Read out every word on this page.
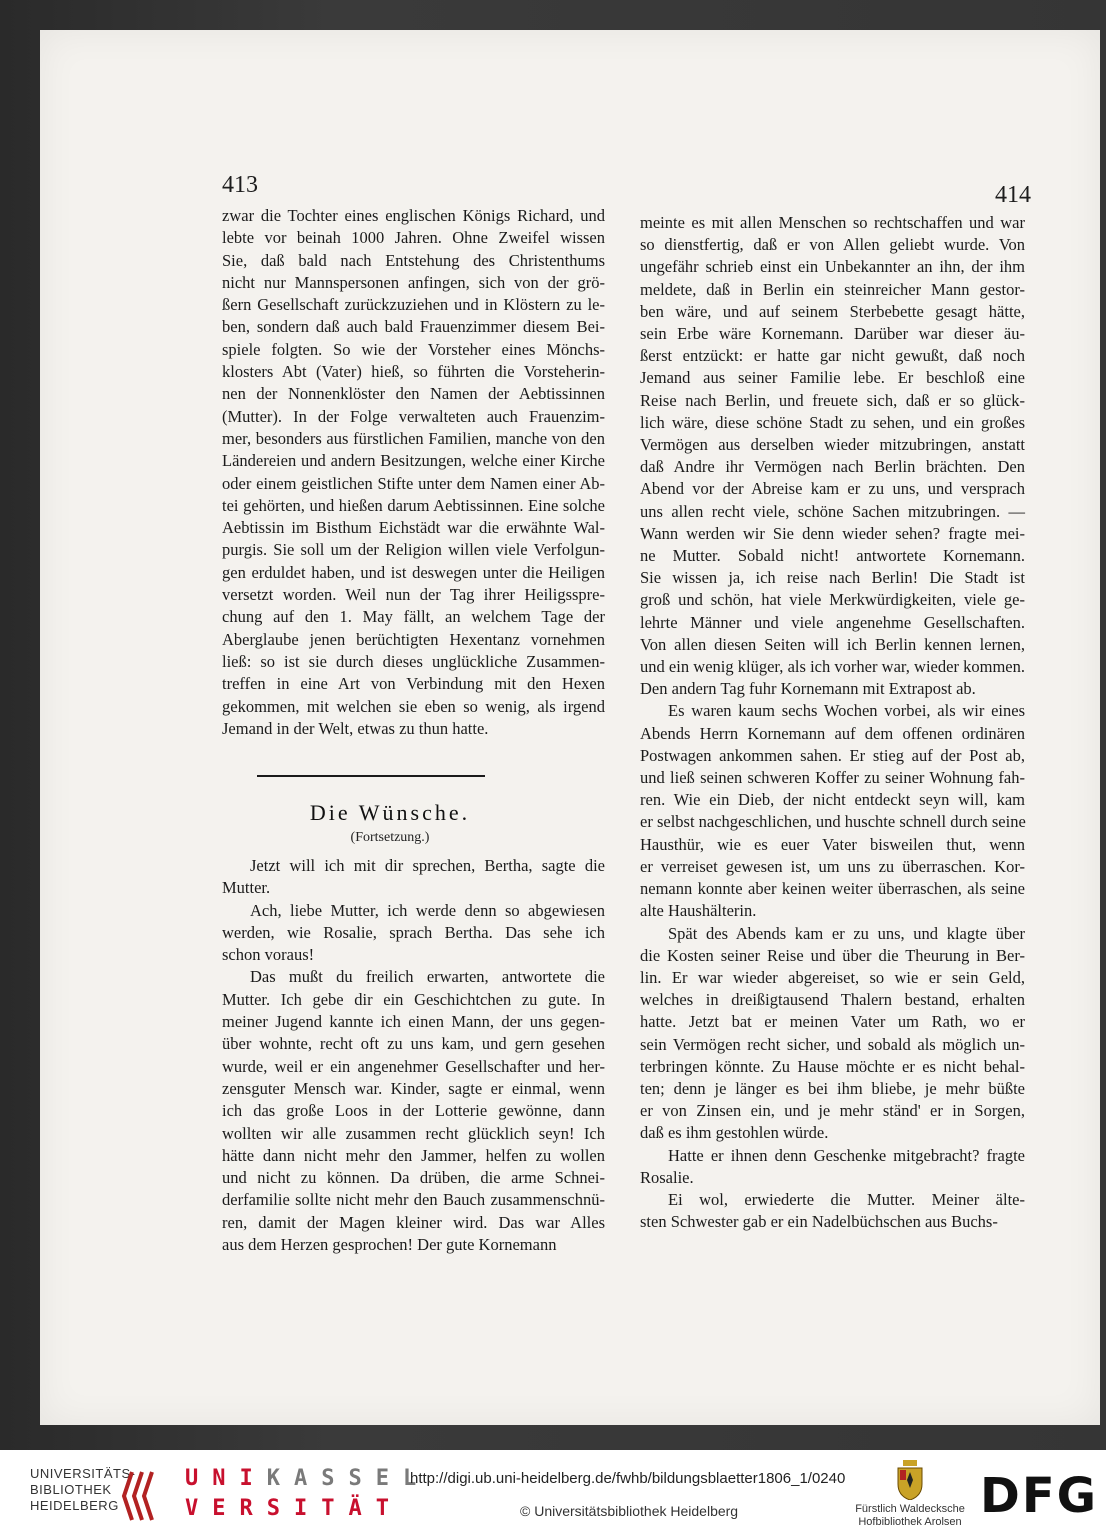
413
zwar die Tochter eines englischen Königs Richard, und
lebte vor beinah 1000 Jahren. Ohne Zweifel wissen
Sie, daß bald nach Entstehung des Christenthums
nicht nur Mannspersonen anfingen, sich von der grö-
ßern Gesellschaft zurückzuziehen und in Klöstern zu le-
ben, sondern daß auch bald Frauenzimmer diesem Bei-
spiele folgten. So wie der Vorsteher eines Mönchs-
klosters Abt (Vater) hieß, so führten die Vorsteherin-
nen der Nonnenklöster den Namen der Aebtissinnen
(Mutter). In der Folge verwalteten auch Frauenzim-
mer, besonders aus fürstlichen Familien, manche von den
Ländereien und andern Besitzungen, welche einer Kirche
oder einem geistlichen Stifte unter dem Namen einer Ab-
tei gehörten, und hießen darum Aebtissinnen. Eine solche
Aebtissin im Bisthum Eichstädt war die erwähnte Wal-
purgis. Sie soll um der Religion willen viele Verfolgun-
gen erduldet haben, und ist deswegen unter die Heiligen
versetzt worden. Weil nun der Tag ihrer Heiligsspre-
chung auf den 1. May fällt, an welchem Tage der
Aberglaube jenen berüchtigten Hexentanz vornehmen
ließ: so ist sie durch dieses unglückliche Zusammen-
treffen in eine Art von Verbindung mit den Hexen
gekommen, mit welchen sie eben so wenig, als irgend
Jemand in der Welt, etwas zu thun hatte.
Die Wünsche.
(Fortsetzung.)
Jetzt will ich mit dir sprechen, Bertha, sagte die
Mutter.
Ach, liebe Mutter, ich werde denn so abgewiesen
werden, wie Rosalie, sprach Bertha. Das sehe ich
schon voraus!
Das mußt du freilich erwarten, antwortete die
Mutter. Ich gebe dir ein Geschichtchen zu gute. In
meiner Jugend kannte ich einen Mann, der uns gegen-
über wohnte, recht oft zu uns kam, und gern gesehen
wurde, weil er ein angenehmer Gesellschafter und her-
zensguter Mensch war. Kinder, sagte er einmal, wenn
ich das große Loos in der Lotterie gewönne, dann
wollten wir alle zusammen recht glücklich seyn! Ich
hätte dann nicht mehr den Jammer, helfen zu wollen
und nicht zu können. Da drüben, die arme Schnei-
derfamilie sollte nicht mehr den Bauch zusammenschnü-
ren, damit der Magen kleiner wird. Das war Alles
aus dem Herzen gesprochen! Der gute Kornemann
414
meinte es mit allen Menschen so rechtschaffen und war
so dienstfertig, daß er von Allen geliebt wurde. Von
ungefähr schrieb einst ein Unbekannter an ihn, der ihm
meldete, daß in Berlin ein steinreicher Mann gestor-
ben wäre, und auf seinem Sterbebette gesagt hätte,
sein Erbe wäre Kornemann. Darüber war dieser äu-
ßerst entzückt: er hatte gar nicht gewußt, daß noch
Jemand aus seiner Familie lebe. Er beschloß eine
Reise nach Berlin, und freuete sich, daß er so glück-
lich wäre, diese schöne Stadt zu sehen, und ein großes
Vermögen aus derselben wieder mitzubringen, anstatt
daß Andre ihr Vermögen nach Berlin brächten. Den
Abend vor der Abreise kam er zu uns, und versprach
uns allen recht viele, schöne Sachen mitzubringen. —
Wann werden wir Sie denn wieder sehen? fragte mei-
ne Mutter. Sobald nicht! antwortete Kornemann.
Sie wissen ja, ich reise nach Berlin! Die Stadt ist
groß und schön, hat viele Merkwürdigkeiten, viele ge-
lehrte Männer und viele angenehme Gesellschaften.
Von allen diesen Seiten will ich Berlin kennen lernen,
und ein wenig klüger, als ich vorher war, wieder kommen.
Den andern Tag fuhr Kornemann mit Extrapost ab.
Es waren kaum sechs Wochen vorbei, als wir eines
Abends Herrn Kornemann auf dem offenen ordinären
Postwagen ankommen sahen. Er stieg auf der Post ab,
und ließ seinen schweren Koffer zu seiner Wohnung fah-
ren. Wie ein Dieb, der nicht entdeckt seyn will, kam
er selbst nachgeschlichen, und huschte schnell durch seine
Hausthür, wie es euer Vater bisweilen thut, wenn
er verreiset gewesen ist, um uns zu überraschen. Kor-
nemann konnte aber keinen weiter überraschen, als seine
alte Haushälterin.
Spät des Abends kam er zu uns, und klagte über
die Kosten seiner Reise und über die Theurung in Ber-
lin. Er war wieder abgereiset, so wie er sein Geld,
welches in dreißigtausend Thalern bestand, erhalten
hatte. Jetzt bat er meinen Vater um Rath, wo er
sein Vermögen recht sicher, und sobald als möglich un-
terbringen könnte. Zu Hause möchte er es nicht behal-
ten; denn je länger es bei ihm bliebe, je mehr büßte
er von Zinsen ein, und je mehr ständ' er in Sorgen,
daß es ihm gestohlen würde.
Hatte er ihnen denn Geschenke mitgebracht? fragte
Rosalie.
Ei wol, erwiederte die Mutter. Meiner älte-
sten Schwester gab er ein Nadelbüchschen aus Buchs-
UNIVERSITÄTS-
BIBLIOTHEK
HEIDELBERG
UNIKASSEL
VERSITÄT
http://digi.ub.uni-heidelberg.de/fwhb/bildungsblaetter1806_1/0240
© Universitätsbibliothek Heidelberg	Fürstlich Waldecksche
Hofbibliothek Arolsen DFG
